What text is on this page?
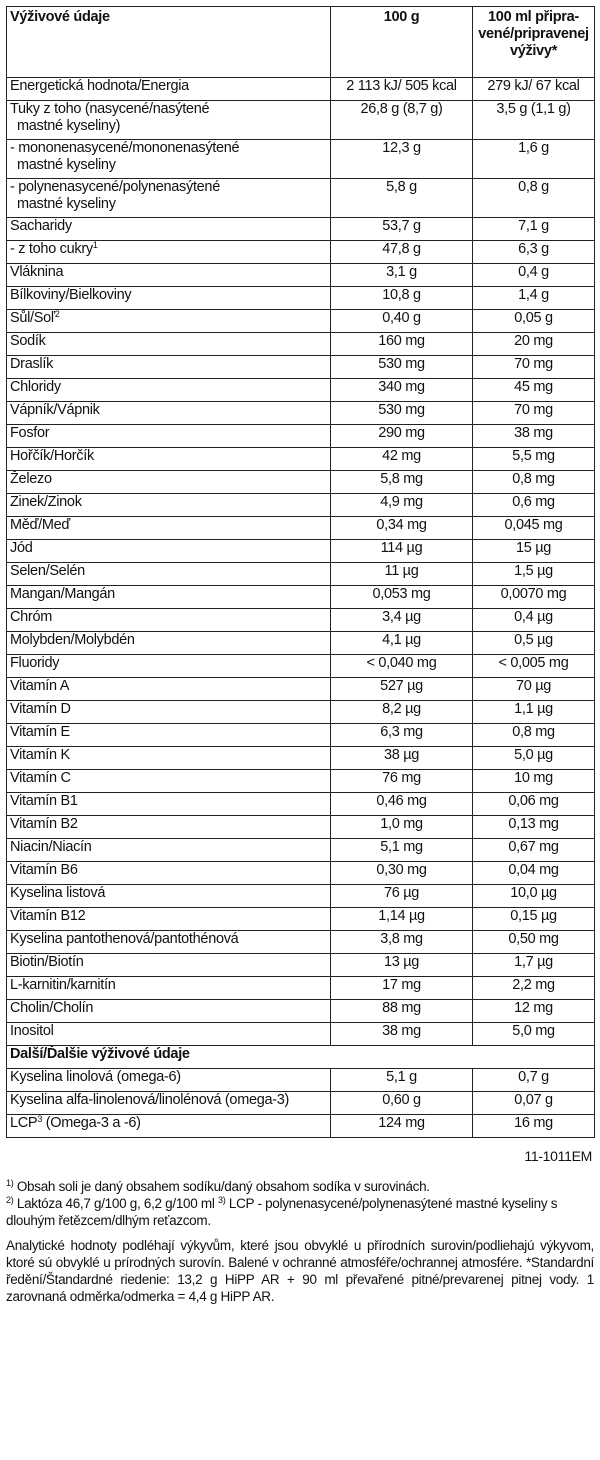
Výživové údaje	100 g	100 ml připra-vené/pripravenej výživy*
Energetická hodnota/Energia	2 113 kJ/ 505 kcal	279 kJ/ 67 kcal
Tuky z toho (nasycené/nasýtené
mastné kyseliny)	26,8 g (8,7 g)	3,5 g (1,1 g)
- mononenasycené/mononenasýtené
mastné kyseliny	12,3 g	1,6 g
- polynenasycené/polynenasýtené
mastné kyseliny	5,8 g	0,8 g
Sacharidy	53,7 g	7,1 g
- z toho cukry$^1$	47,8 g	6,3 g
Vláknina	3,1 g	0,4 g
Bílkoviny/Bielkoviny	10,8 g	1,4 g
Sůl/Soľ$^2$	0,40 g	0,05 g
Sodík	160 mg	20 mg
Draslík	530 mg	70 mg
Chloridy	340 mg	45 mg
Vápník/Vápnik	530 mg	70 mg
Fosfor	290 mg	38 mg
Hořčík/Horčík	42 mg	5,5 mg
Železo	5,8 mg	0,8 mg
Zinek/Zinok	4,9 mg	0,6 mg
Měď/Meď	0,34 mg	0,045 mg
Jód	114 µg	15 µg
Selen/Selén	11 µg	1,5 µg
Mangan/Mangán	0,053 mg	0,0070 mg
Chróm	3,4 µg	0,4 µg
Molybden/Molybdén	4,1 µg	0,5 µg
Fluoridy	< 0,040 mg	< 0,005 mg
Vitamín A	527 µg	70 µg
Vitamín D	8,2 µg	1,1 µg
Vitamín E	6,3 mg	0,8 mg
Vitamín K	38 µg	5,0 µg
Vitamín C	76 mg	10 mg
Vitamín B1	0,46 mg	0,06 mg
Vitamín B2	1,0 mg	0,13 mg
Niacin/Niacín	5,1 mg	0,67 mg
Vitamín B6	0,30 mg	0,04 mg
Kyselina listová	76 µg	10,0 µg
Vitamín B12	1,14 µg	0,15 µg
Kyselina pantothenová/pantothénová	3,8 mg	0,50 mg
Biotin/Biotín	13 µg	1,7 µg
L-karnitin/karnitín	17 mg	2,2 mg
Cholin/Cholín	88 mg	12 mg
Inositol	38 mg	5,0 mg
Další/Ďalšie výživové údaje		
Kyselina linolová (omega-6)	5,1 g	0,7 g
Kyselina alfa-linolenová/linolénová (omega-3)	0,60 g	0,07 g
LCP$^3$ (Omega-3 a -6)	124 mg	16 mg
11-1011EM

$^{1)}$ Obsah soli je daný obsahem sodíku/daný obsahom sodíka v surovinách.

$^{2)}$ Laktóza 46,7 g/100 g, 6,2 g/100 ml $^{3)}$ LCP - polynenasycené/polynenasýtené mastné kyseliny s dlouhým řetězcem/dlhým reťazcom.

Analytické hodnoty podléhají výkyvům, které jsou obvyklé u přírodních surovin/podliehajú výkyvom, ktoré sú obvyklé u prírodných surovín. Balené v ochranné atmosféře/ochrannej atmosfére. *Standardní ředění/Štandardné riedenie: 13,2 g HiPP AR + 90 ml převařené pitné/prevarenej pitnej vody. 1 zarovnaná odměrka/odmerka = 4,4 g HiPP AR.
